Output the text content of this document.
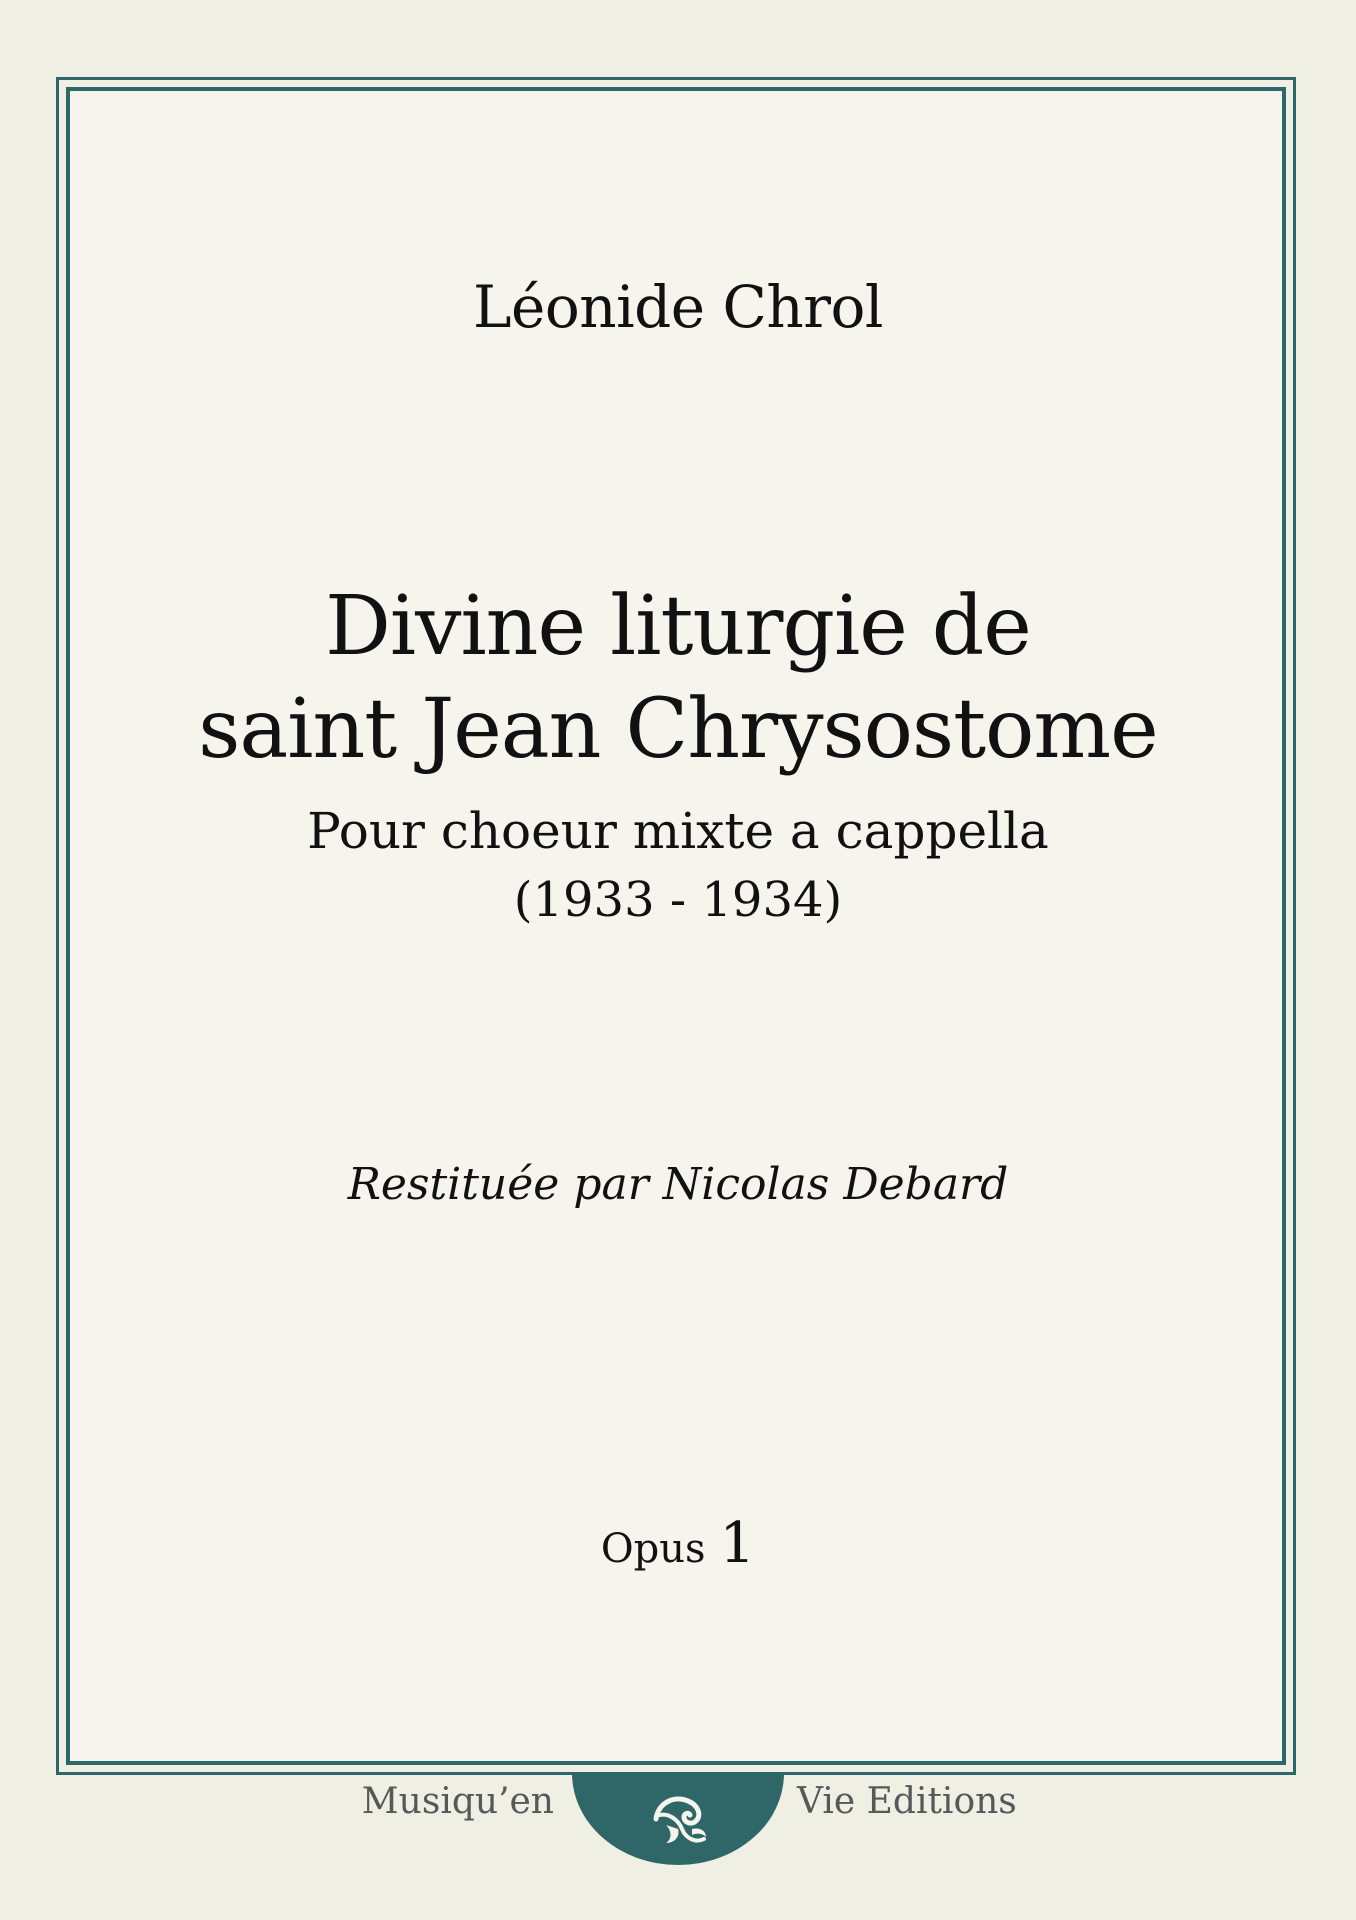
Léonide Chrol
Divine liturgie de
saint Jean Chrysostome
Pour choeur mixte a cappella
(1933 - 1934)
Restituée par Nicolas Debard
Opus 1
Musiqu’en	Vie Editions
